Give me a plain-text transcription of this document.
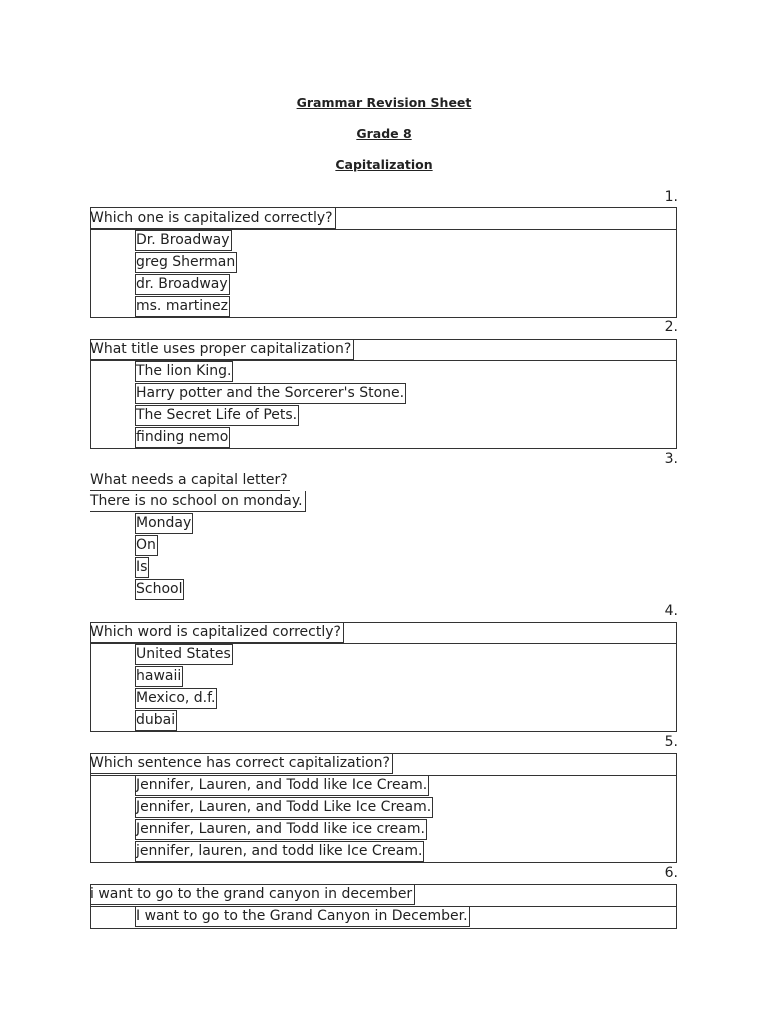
Grammar Revision Sheet
Grade 8
Capitalization
1.
Which one is capitalized correctly?
Dr. Broadway
greg Sherman
dr. Broadway
ms. martinez
2.
What title uses proper capitalization?
The lion King.
Harry potter and the Sorcerer's Stone.
The Secret Life of Pets.
finding nemo
3.
What needs a capital letter?
There is no school on monday.
Monday
On
Is
School
4.
Which word is capitalized correctly?
United States
hawaii
Mexico, d.f.
dubai
5.
Which sentence has correct capitalization?
Jennifer, Lauren, and Todd like Ice Cream.
Jennifer, Lauren, and Todd Like Ice Cream.
Jennifer, Lauren, and Todd like ice cream.
jennifer, lauren, and todd like Ice Cream.
6.
i want to go to the grand canyon in december
I want to go to the Grand Canyon in December.
